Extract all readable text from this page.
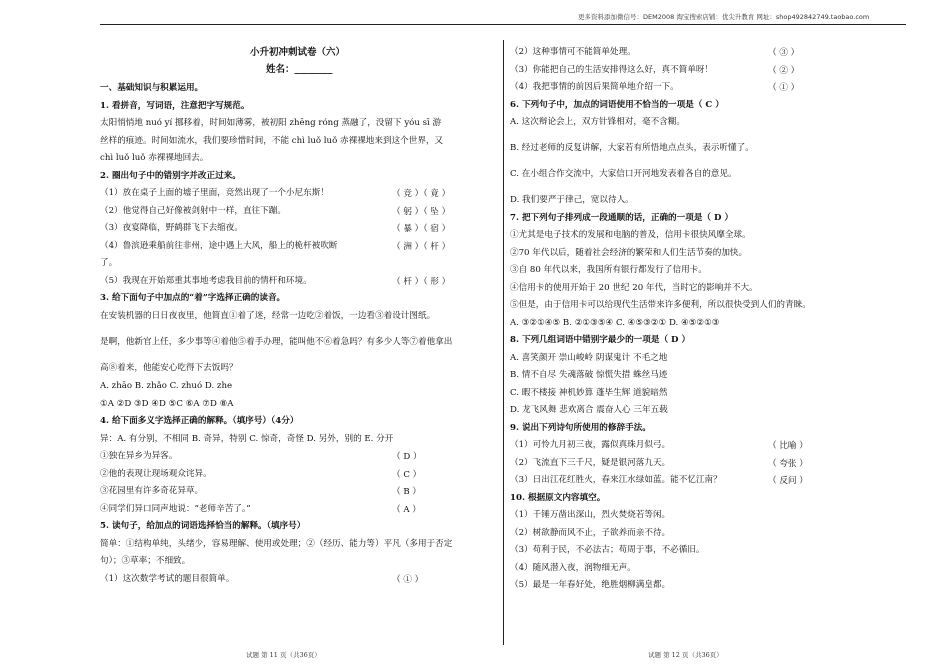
更多资料添加微信号：DEM2008 淘宝搜索店铺：优尖升教育 网址：shop492842749.taobao.com
小升初冲刺试卷（六）
姓名：________
一、基础知识与积累运用。
1. 看拼音，写词语，注意把字写规范。
太阳悄悄地 nuó yí 挪移着，时间如薄雾，被初阳 zhēng róng 蒸融了，没留下 yóu sī 游
丝样的痕迹。时间如流水，我们要珍惜时间，不能 chì luǒ luǒ 赤裸裸地来到这个世界，又
chì luǒ luǒ 赤裸裸地回去。
2. 圈出句子中的错别字并改正过来。
（1）放在桌子上面的墟子里面，竞然出现了一个小尼东斯！	（ 竞 ）（ 竟 ）
（2）他觉得自己好像被剑射中一样，直往下蹦。	（ 躬 ）（ 坠 ）
（3）夜宴降临，野鹤群飞下去缩夜。	（ 暴 ）（ 宿 ）
（4）鲁滨逊乘船前往非州，途中遇上大风，船上的桅杆被吹断	（ 洲 ）（ 杆 ）
了。
（5）我现在开始郑重其事地考虑我目前的情杆和环境。	（ 杆 ）（ 形 ）
3. 给下面句子中加点的“着”字选择正确的读音。
在安装机器的日日夜夜里，他简直①着了迷，经常一边吃②着饭，一边看③着设计图纸。
是啊，他新官上任，多少事等④着他⑤着手办理，能叫他不⑥着急吗？有多少人等⑦着他拿出
高⑧着来，他能安心吃得下去饭吗？
A. zhāo B. zhǎo C. zhuó D. zhe
①A ②D ③D ④D ⑤C ⑥A ⑦D ⑧A
4. 给下面多义字选择正确的解释。（填序号）（4分）
异：A. 有分别，不相同 B. 奇异，特别 C. 惊奇，奇怪 D. 另外，别的 E. 分开
①独在异乡为异客。	（ D ）
②他的表现让现场观众诧异。	（ C ）
③花园里有许多奇花异草。	（ B ）
④同学们异口同声地说：“老师辛苦了。”	（ A ）
5. 读句子，给加点的词语选择恰当的解释。（填序号）
简单：①结构单纯，头绪少，容易理解、使用或处理；②（经历、能力等）平凡（多用于否定
句）；③草率；不细致。
（1）这次数学考试的题目很简单。	（ ① ）
（2）这种事情可不能简单处理。	（ ③ ）
（3）你能把自己的生活安排得这么好，真不简单呀！	（ ② ）
（4）我把事情的前因后果简单地介绍一下。	（ ① ）
6. 下列句子中，加点的词语使用不恰当的一项是（ C ）
A. 这次辩论会上，双方针锋相对，毫不含糊。
B. 经过老师的反复讲解，大家若有所悟地点点头，表示听懂了。
C. 在小组合作交流中，大家信口开河地发表着各自的意见。
D. 我们要严于律己，宽以待人。
7. 把下列句子排列成一段通顺的话，正确的一项是（ D ）
①尤其是电子技术的发展和电脑的普及，信用卡很快风靡全球。
②70 年代以后，随着社会经济的繁荣和人们生活节奏的加快。
③自 80 年代以来，我国所有银行都发行了信用卡。
④信用卡的使用开始于 20 世纪 20 年代，当时它的影响并不大。
⑤但是，由于信用卡可以给现代生活带来许多便利，所以很快受到人们的青睐。
A. ③②①④⑤ B. ②①③⑤④ C. ④⑤③②① D. ④⑤②①③
8. 下列几组词语中错别字最少的一项是（ D ）
A. 喜笑颜开 崇山峻岭 阴谋鬼计 不毛之地
B. 情不自尽 失魂落破 惊慌失措 蛛丝马迹
C. 暇不楼接 神机妙算 蓬毕生辉 道貌暗然
D. 龙飞风舞 悲欢离合 震奋人心 三年五载
9. 说出下列诗句所使用的修辞手法。
（1）可怜九月初三夜，露似真珠月似弓。	（ 比喻 ）
（2）飞流直下三千尺，疑是银河落九天。	（ 夸张 ）
（3）日出江花红胜火，春来江水绿如蓝。能不忆江南？	（ 反问 ）
10. 根据原文内容填空。
（1）千锤万凿出深山，烈火焚烧若等闲。
（2）树欲静而风不止，子欲养而亲不待。
（3）苟利于民，不必法古；苟周于事，不必循旧。
（4）随风潜入夜，润物细无声。
（5）最是一年春好处，绝胜烟柳满皇都。
试题 第 11 页（共36页）	试题 第 12 页（共36页）
